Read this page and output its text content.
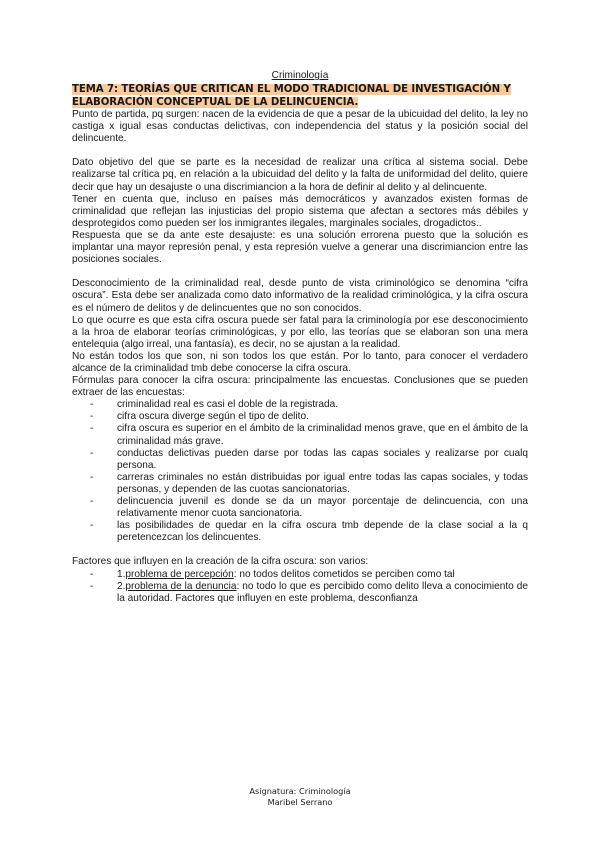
Criminología

TEMA 7: TEORÍAS QUE CRITICAN EL MODO TRADICIONAL DE INVESTIGACIÓN Y
ELABORACIÓN CONCEPTUAL DE LA DELINCUENCIA.

Punto de partida, pq surgen: nacen de la evidencia de que a pesar de la ubicuidad del delito, la ley no castiga x igual esas conductas delictivas, con independencia del status y la posición social del delincuente.

Dato objetivo del que se parte es la necesidad de realizar una crítica al sistema social. Debe realizarse tal crítica pq, en relación a la ubicuidad del delito y la falta de uniformidad del delito, quiere decir que hay un desajuste o una discrimiancion a la hora de definir al delito y al delincuente.

Tener en cuenta que, incluso en países más democráticos y avanzados existen formas de criminalidad que reflejan las injusticias del propio sistema que afectan a sectores más débiles y desprotegidos como pueden ser los inmigrantes ilegales, marginales sociales, drogadictos..

Respuesta que se da ante este desajuste: es una solución errorena puesto que la solución es implantar una mayor represión penal, y esta represión vuelve a generar una discrimiancion entre las posiciones sociales.

Desconocimiento de la criminalidad real, desde punto de vista criminológico se denomina “cifra oscura”. Esta debe ser analizada como dato informativo de la realidad criminológica, y la cifra oscura es el número de delitos y de delincuentes que no son conocidos.

Lo que ocurre es que esta cifra oscura puede ser fatal para la criminología por ese desconocimiento a la hroa de elaborar teorías criminológicas, y por ello, las teorías que se elaboran son una mera entelequia (algo irreal, una fantasía), es decir, no se ajustan a la realidad.

No están todos los que son, ni son todos los que están. Por lo tanto, para conocer el verdadero alcance de la criminalidad tmb debe conocerse la cifra oscura.

Fórmulas para conocer la cifra oscura: principalmente las encuestas. Conclusiones que se pueden extraer de las encuestas:

- criminalidad real es casi el doble de la registrada.
- cifra oscura diverge según el tipo de delito.
- cifra oscura es superior en el ámbito de la criminalidad menos grave, que en el ámbito de la criminalidad más grave.
- conductas delictivas pueden darse por todas las capas sociales y realizarse por cualq persona.
- carreras criminales no están distribuidas por igual entre todas las capas sociales, y todas personas, y dependen de las cuotas sancionatorias.
- delincuencia juvenil es donde se da un mayor porcentaje de delincuencia, con una relativamente menor cuota sancionatoria.
- las posibilidades de quedar en la cifra oscura tmb depende de la clase social a la q peretencezcan los delincuentes.

Factores que influyen en la creación de la cifra oscura: son varios:

- 1.problema de percepción: no todos delitos cometidos se perciben como tal
- 2.problema de la denuncia: no todo lo que es percibido como delito lleva a conocimiento de la autoridad. Factores que influyen en este problema, desconfianza
Asignatura: Criminología
Maribel Serrano
